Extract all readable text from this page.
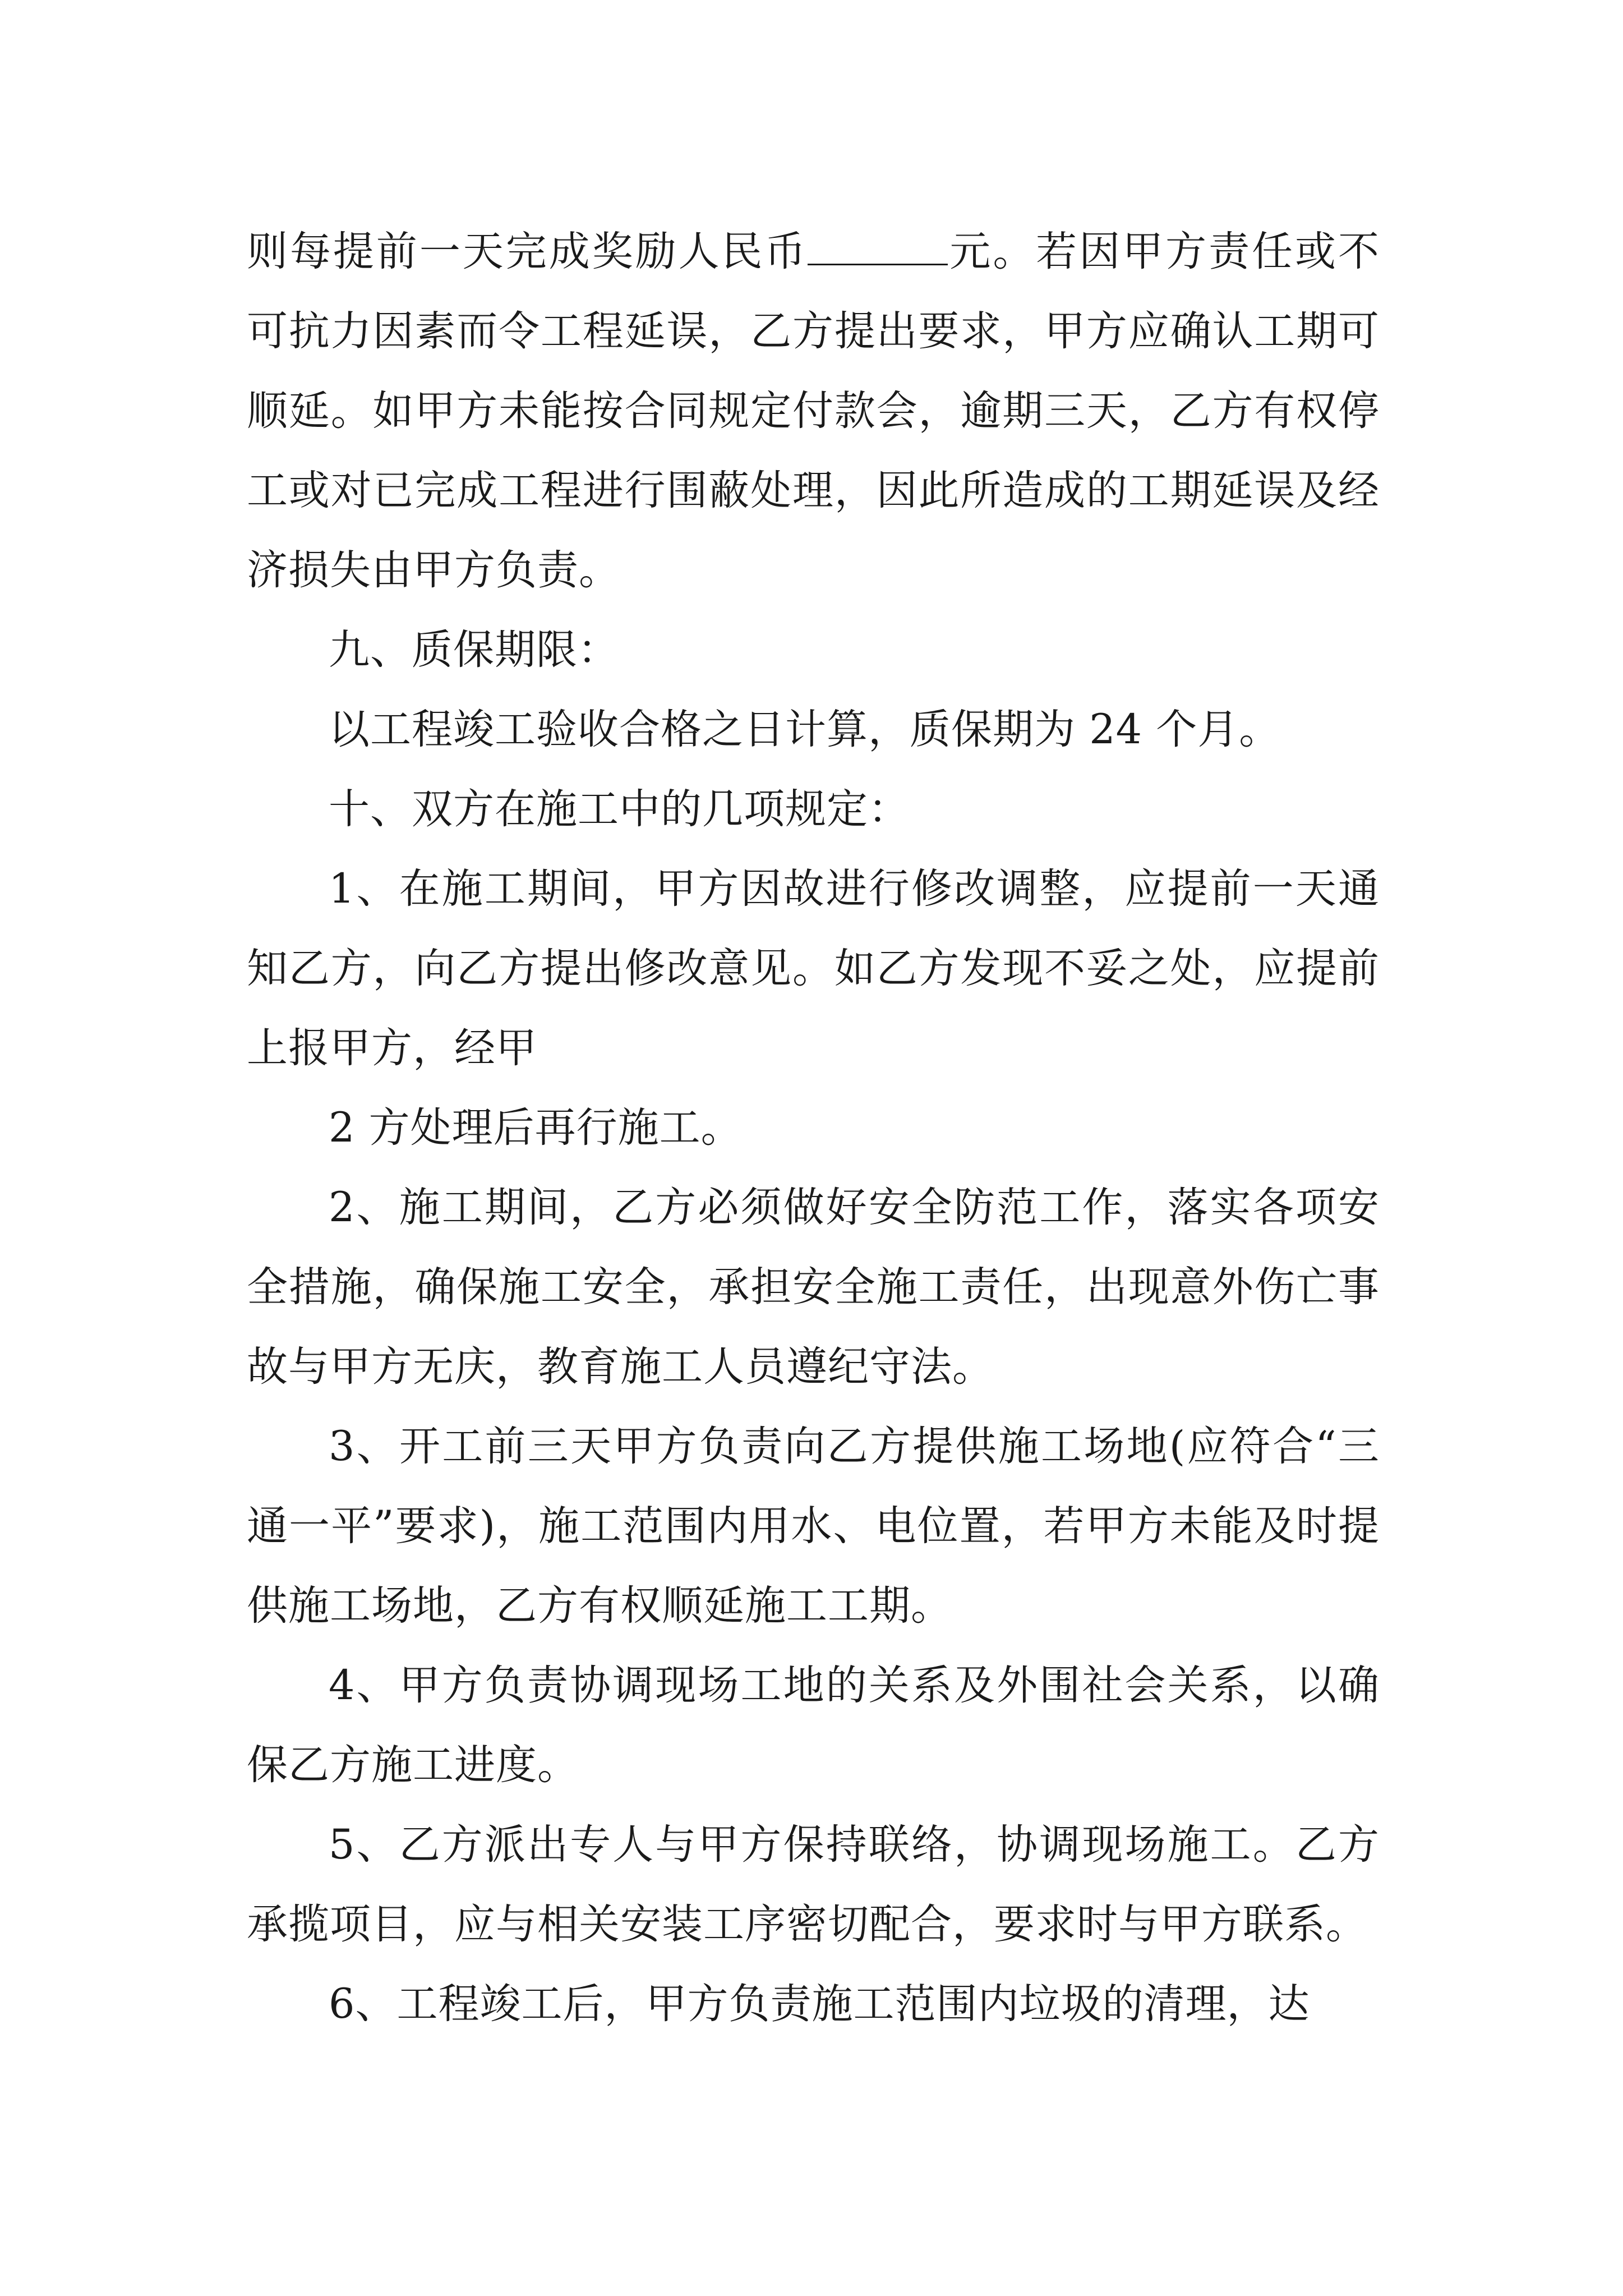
则每提前一天完成奖励人民币	元。若因甲方责任或不可抗力因素而令工程延误，乙方提出要求，甲方应确认工期可顺延。如甲方未能按合同规定付款会，逾期三天，乙方有权停工或对已完成工程进行围蔽处理，因此所造成的工期延误及经济损失由甲方负责。

九、质保期限：

以工程竣工验收合格之日计算，质保期为 24 个月。

十、双方在施工中的几项规定：

1、在施工期间，甲方因故进行修改调整，应提前一天通知乙方，向乙方提出修改意见。如乙方发现不妥之处，应提前上报甲方，经甲

2 方处理后再行施工。

2、施工期间，乙方必须做好安全防范工作，落实各项安全措施，确保施工安全，承担安全施工责任，出现意外伤亡事故与甲方无庆，教育施工人员遵纪守法。

3、开工前三天甲方负责向乙方提供施工场地(应符合“三通一平”要求)，施工范围内用水、电位置，若甲方未能及时提供施工场地，乙方有权顺延施工工期。

4、甲方负责协调现场工地的关系及外围社会关系，以确保乙方施工进度。

5、乙方派出专人与甲方保持联络，协调现场施工。乙方承揽项目，应与相关安装工序密切配合，要求时与甲方联系。

6、工程竣工后，甲方负责施工范围内垃圾的清理，达
